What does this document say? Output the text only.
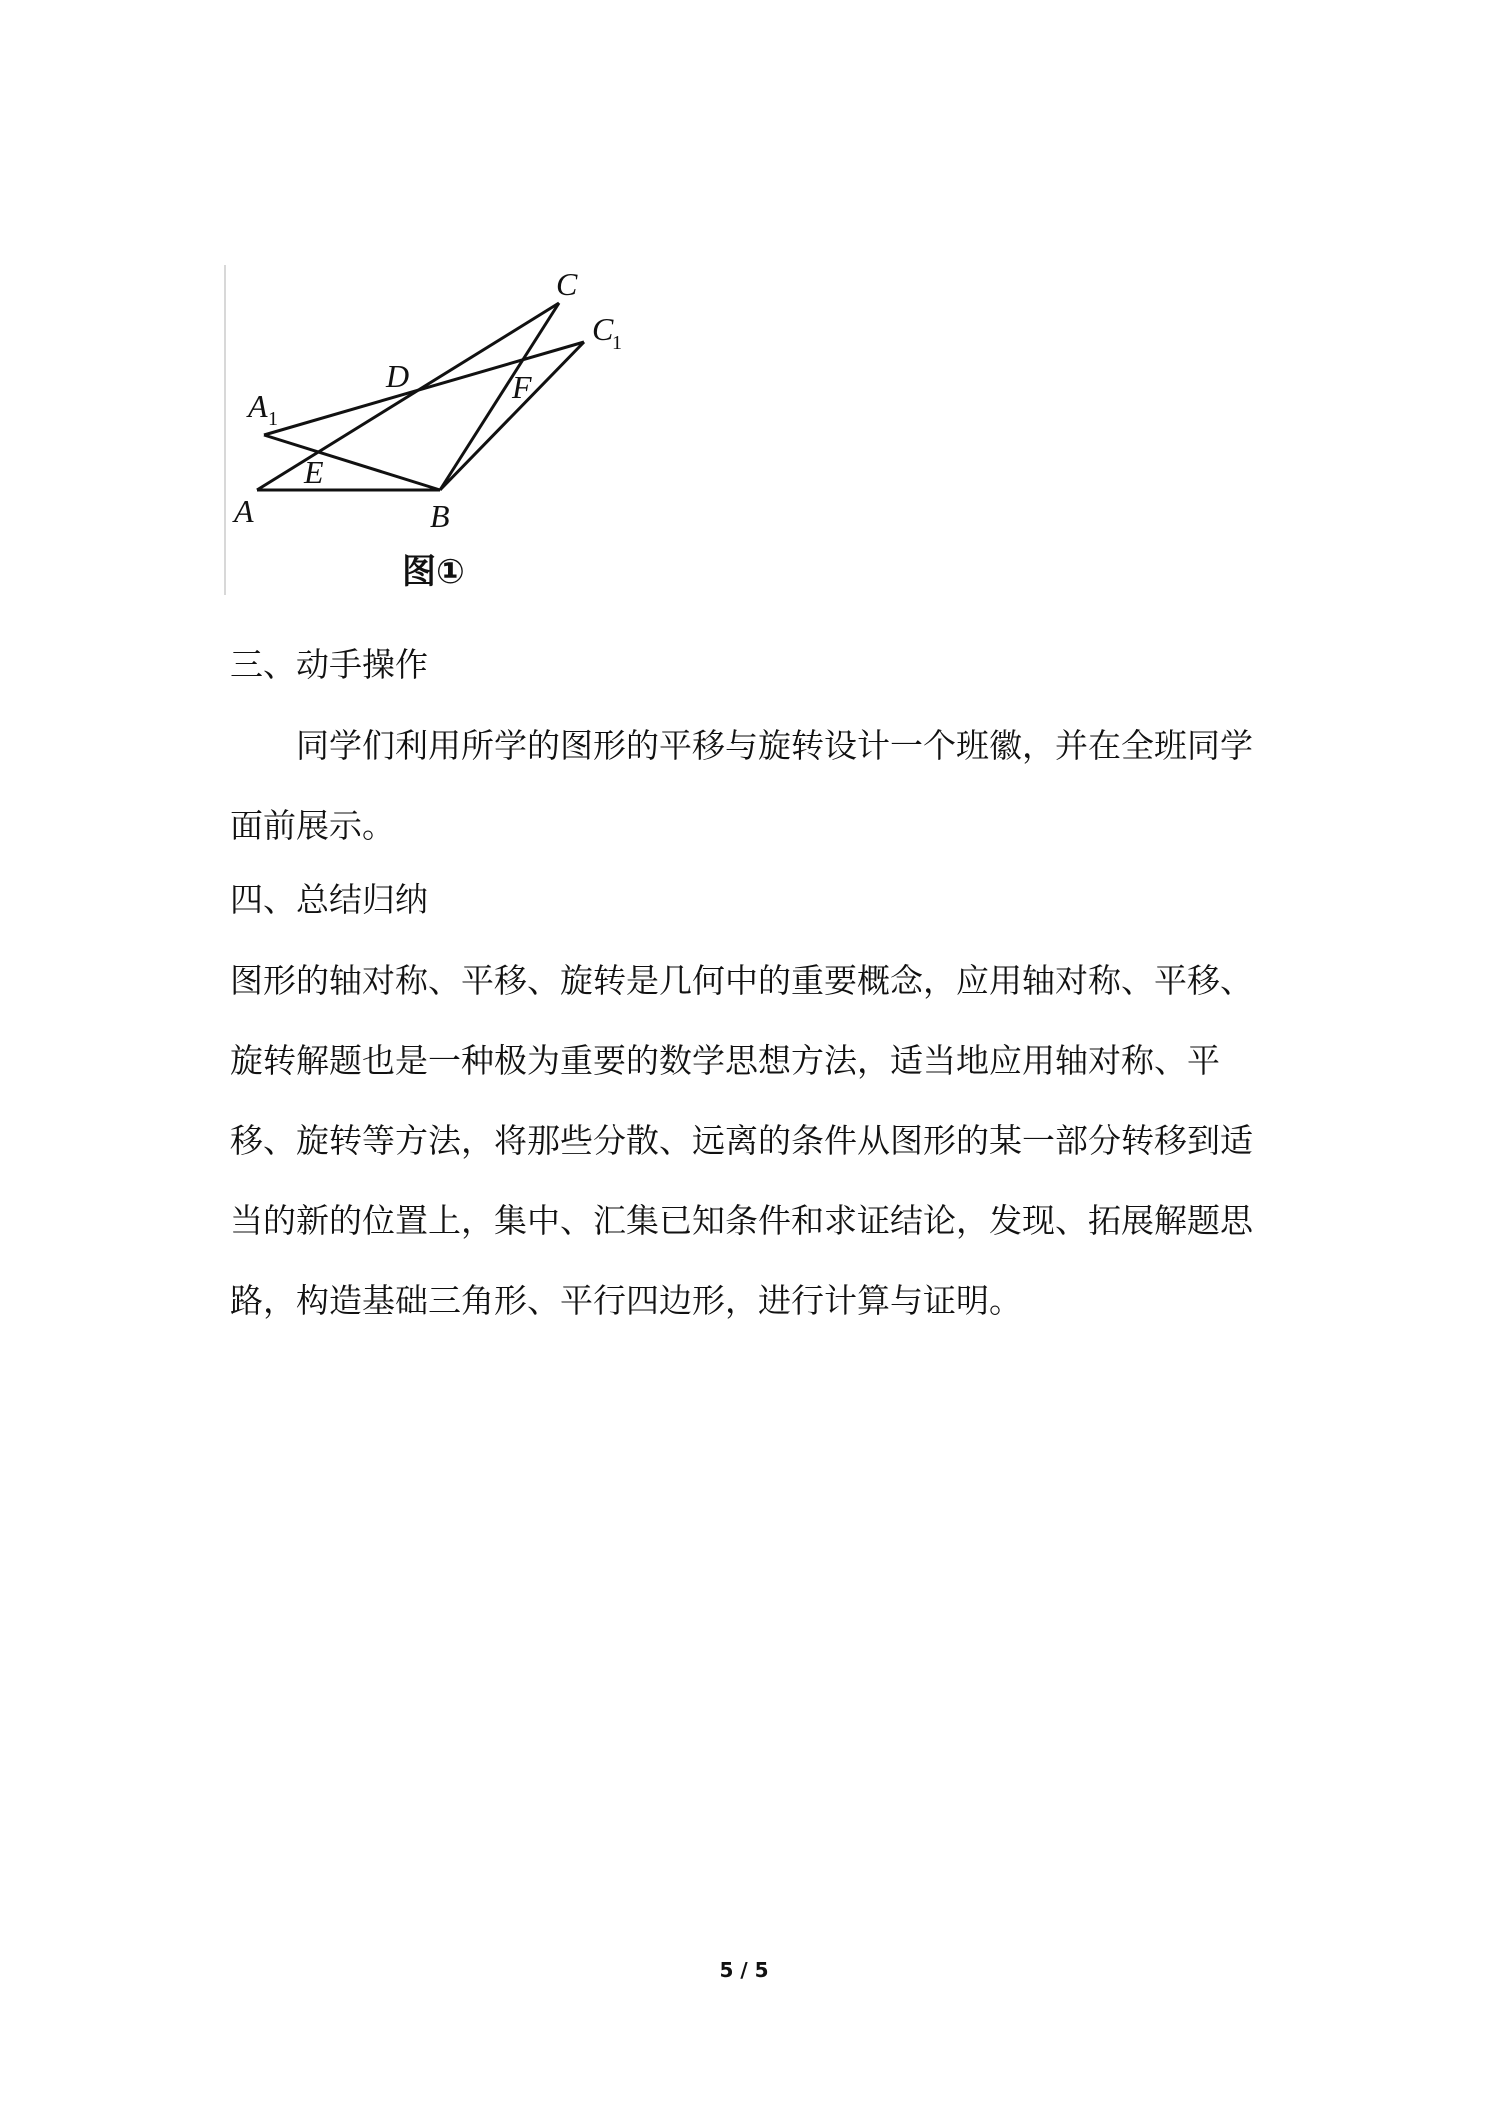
C
C
1
D	F
A 1
E
A	B
图①
三、动手操作
同学们利用所学的图形的平移与旋转设计一个班徽，并在全班同学面前展示。
四、总结归纳
图形的轴对称、平移、旋转是几何中的重要概念，应用轴对称、平移、旋转解题也是一种极为重要的数学思想方法，适当地应用轴对称、平移、旋转等方法，将那些分散、远离的条件从图形的某一部分转移到适当的新的位置上，集中、汇集已知条件和求证结论，发现、拓展解题思路，构造基础三角形、平行四边形，进行计算与证明。
5 / 5
